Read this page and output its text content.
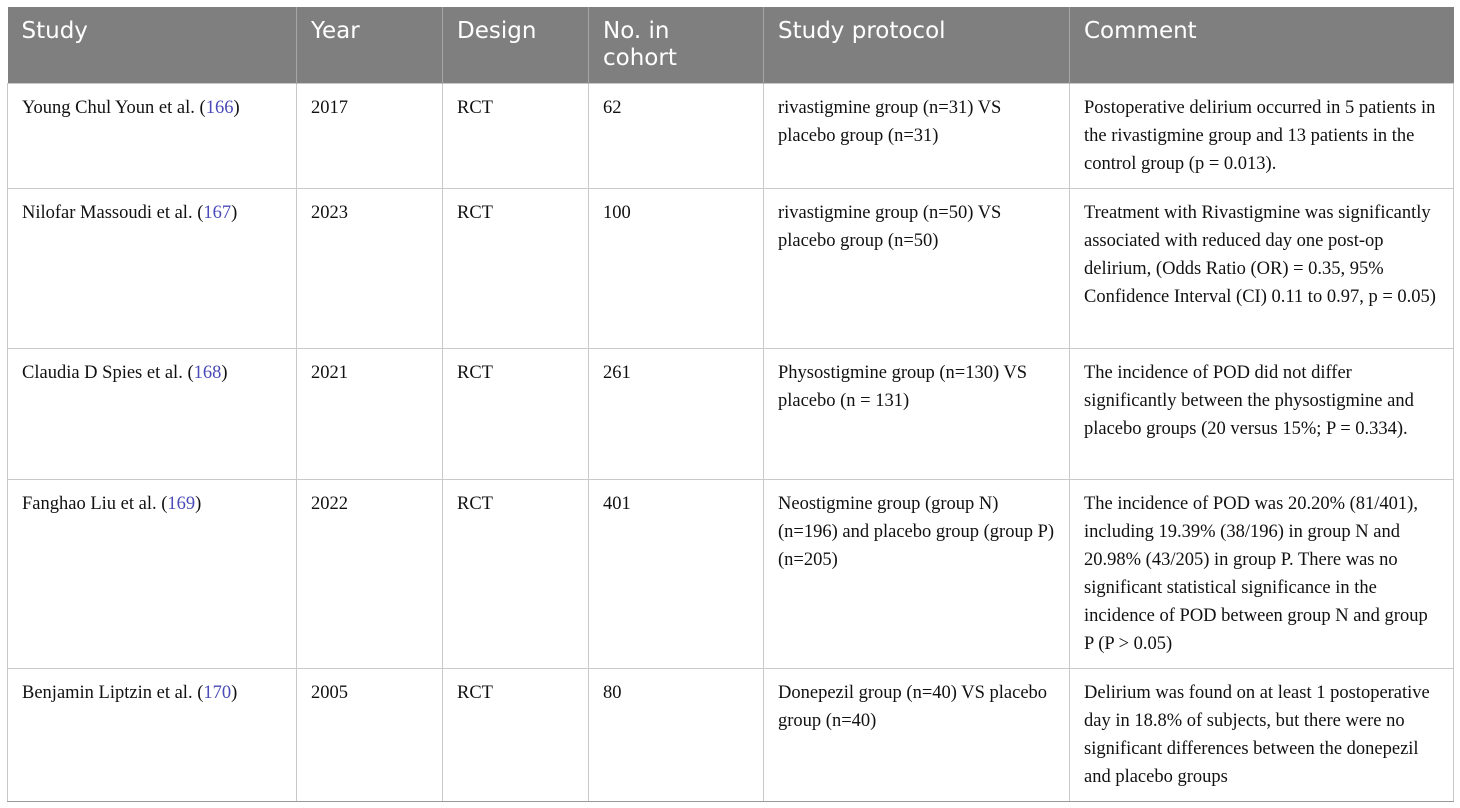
Study	Year	Design	No. in cohort	Study protocol	Comment
Young Chul Youn et al. (166)	2017	RCT	62	rivastigmine group (n=31) VS placebo group (n=31)	Postoperative delirium occurred in 5 patients in the rivastigmine group and 13 patients in the control group (p = 0.013).
Nilofar Massoudi et al. (167)	2023	RCT	100	rivastigmine group (n=50) VS placebo group (n=50)	Treatment with Rivastigmine was significantly associated with reduced day one post-op delirium, (Odds Ratio (OR) = 0.35, 95% Confidence Interval (CI) 0.11 to 0.97, p = 0.05)
Claudia D Spies et al. (168)	2021	RCT	261	Physostigmine group (n=130) VS placebo (n = 131)	The incidence of POD did not differ significantly between the physostigmine and placebo groups (20 versus 15%; P = 0.334).
Fanghao Liu et al. (169)	2022	RCT	401	Neostigmine group (group N) (n=196) and placebo group (group P) (n=205)	The incidence of POD was 20.20% (81/401), including 19.39% (38/196) in group N and 20.98% (43/205) in group P. There was no significant statistical significance in the incidence of POD between group N and group P (P > 0.05)
Benjamin Liptzin et al. (170)	2005	RCT	80	Donepezil group (n=40) VS placebo group (n=40)	Delirium was found on at least 1 postoperative day in 18.8% of subjects, but there were no significant differences between the donepezil and placebo groups
